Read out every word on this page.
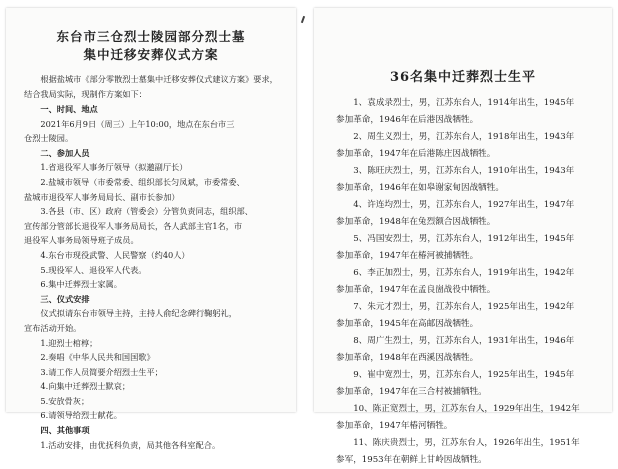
东台市三仓烈士陵园部分烈士墓
集中迁移安葬仪式方案
根据盐城市《部分零散烈士墓集中迁移安葬仪式建议方案》要求，结合我局实际，现制作方案如下：
一、时间、地点
2021年6月9日（周三）上午10:00，地点在东台市三
仓烈士陵园。
二、参加人员
1.省退役军人事务厅领导（拟邀副厅长）
2.盐城市领导（市委常委、组织部长匀凤斌，市委常委、
盐城市退役军人事务局局长、副市长参加）
3.各县（市、区）政府（管委会）分管负责同志，组织部、
宣传部分管部长退役军人事务局局长，各人武部主官1名，市
退役军人事务局领导班子成员。
4.东台市现役武警、人民警察（约40人）
5.现役军人、退役军人代表。
6.集中迁葬烈士家属。
三、仪式安排
仪式拟请东台市领导主持，主持人俞纪念碑行鞠躬礼，
宣布活动开始。
1.迎烈士棺椁；
2.奏唱《中华人民共和国国歌》
3.请工作人员简要介绍烈士生平；
4.向集中迁葬烈士默哀；
5.安放骨灰；
6.请领导给烈士献花。
四、其他事项
1.活动安排，由优抚科负责，局其他各科室配合。
36名集中迁葬烈士生平
1、袁成录烈士，男，江苏东台人，1914年出生，1945年
参加革命，1946年在后港因战牺牲。
2、周生义烈士，男，江苏东台人，1918年出生，1943年
参加革命，1947年在后港陈庄因战牺牲。
3、陈旺庆烈士，男，江苏东台人，1910年出生，1943年
参加革命，1946年在如皋谢家甸因战牺牲。
4、许连均烈士，男，江苏东台人，1927年出生，1947年
参加革命，1948年在兔烈额合因战牺牲。
5、冯国安烈士，男，江苏东台人，1912年出生，1945年
参加革命，1947年在椿河被捕牺牲。
6、李正加烈士，男，江苏东台人，1919年出生，1942年
参加革命，1947年在孟良崮战役中牺牲。
7、朱元才烈士，男，江苏东台人，1925年出生，1942年
参加革命，1945年在高邮因战牺牲。
8、周广生烈士，男，江苏东台人，1931年出生，1946年
参加革命，1948年在西溪因战牺牲。
9、崔中宽烈士，男，江苏东台人，1925年出生，1945年
参加革命，1947年在三合村被捕牺牲。
10、陈正宽烈士，男，江苏东台人，1929年出生，1942年
参加革命，1947年椿河牺牲。
11、陈庆贵烈士，男，江苏东台人，1926年出生，1951年
参军，1953年在朝鲜上甘岭因战牺牲。
